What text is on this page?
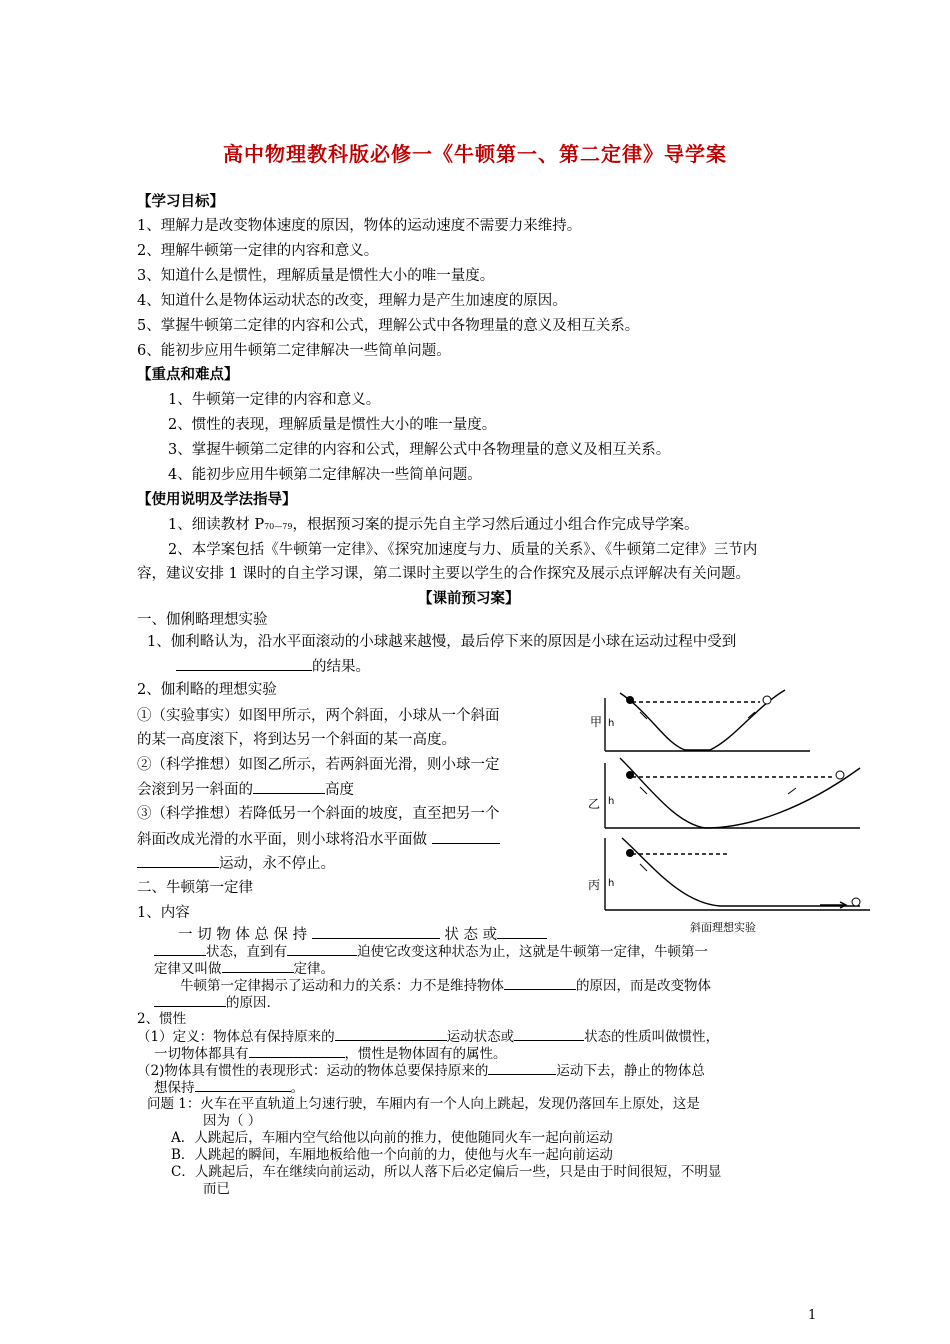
高中物理教科版必修一《牛顿第一、第二定律》导学案
【学习目标】
1、理解力是改变物体速度的原因，物体的运动速度不需要力来维持。
2、理解牛顿第一定律的内容和意义。
3、知道什么是惯性，理解质量是惯性大小的唯一量度。
4、知道什么是物体运动状态的改变，理解力是产生加速度的原因。
5、掌握牛顿第二定律的内容和公式，理解公式中各物理量的意义及相互关系。
6、能初步应用牛顿第二定律解决一些简单问题。
【重点和难点】
1、牛顿第一定律的内容和意义。
2、惯性的表现，理解质量是惯性大小的唯一量度。
3、掌握牛顿第二定律的内容和公式，理解公式中各物理量的意义及相互关系。
4、能初步应用牛顿第二定律解决一些简单问题。
【使用说明及学法指导】
1、细读教材 P70—79，根据预习案的提示先自主学习然后通过小组合作完成导学案。
2、本学案包括《牛顿第一定律》、《探究加速度与力、质量的关系》、《牛顿第二定律》三节内
容，建议安排 1 课时的自主学习课，第二课时主要以学生的合作探究及展示点评解决有关问题。
【课前预习案】
一、伽俐略理想实验
1、伽利略认为，沿水平面滚动的小球越来越慢，最后停下来的原因是小球在运动过程中受到
的结果。
2、伽利略的理想实验
①（实验事实）如图甲所示，两个斜面，小球从一个斜面
的某一高度滚下，将到达另一个斜面的某一高度。
②（科学推想）如图乙所示，若两斜面光滑，则小球一定
会滚到另一斜面的	高度
③（科学推想）若降低另一个斜面的坡度，直至把另一个
斜面改成光滑的水平面，则小球将沿水平面做
运动，永不停止。
二、牛顿第一定律
1、内容
一 切 物 体 总 保 持	状 态 或
状态，直到有	迫使它改变这种状态为止，这就是牛顿第一定律，牛顿第一
定律又叫做	定律。
牛顿第一定律揭示了运动和力的关系：力不是维持物体	的原因，而是改变物体
的原因.
2、惯性
（1）定义：物体总有保持原来的	运动状态或	状态的性质叫做惯性，
一切物体都具有	，惯性是物体固有的属性。
（2)物体具有惯性的表现形式：运动的物体总要保持原来的	运动下去，静止的物体总
想保持	。
问题 1：火车在平直轨道上匀速行驶，车厢内有一个人向上跳起，发现仍落回车上原处，这是
因为（ ）
A．人跳起后，车厢内空气给他以向前的推力，使他随同火车一起向前运动
B．人跳起的瞬间，车厢地板给他一个向前的力，使他与火车一起向前运动
C．人跳起后，车在继续向前运动，所以人落下后必定偏后一些，只是由于时间很短，不明显
而已
甲
乙
丙
h
h
h
斜面理想实验
1
